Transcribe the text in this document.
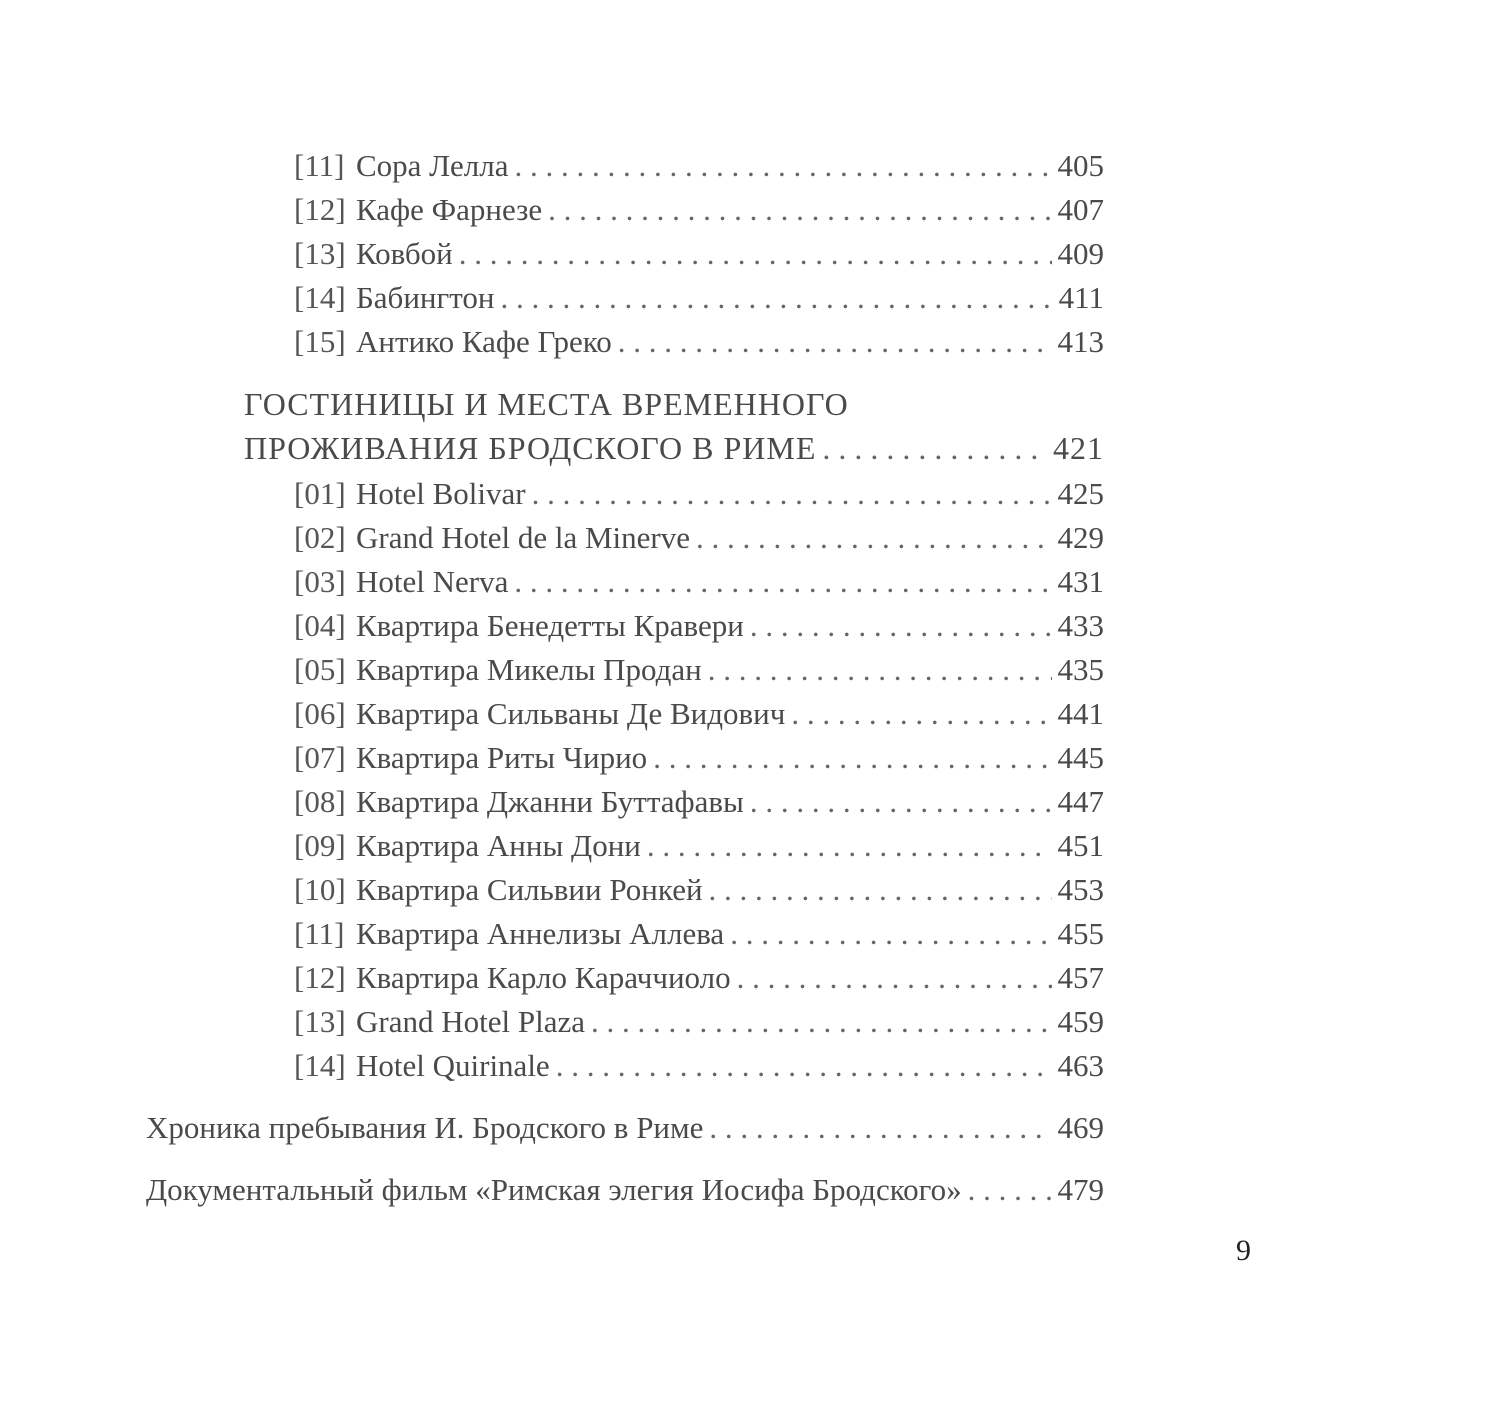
[11] Сора Лелла . . .	405
[12] Кафе Фарнезе . . .	407
[13] Ковбой . . .	409
[14] Бабингтон . . .	411
[15] Антико Кафе Греко . . .	413
ГОСТИНИЦЫ И МЕСТА ВРЕМЕННОГО
ПРОЖИВАНИЯ БРОДСКОГО В РИМЕ . . .	421
[01] Hotel Bolivar . . .	425
[02] Grand Hotel de la Minerve . . .	429
[03] Hotel Nerva . . .	431
[04] Квартира Бенедетты Кравери . . .	433
[05] Квартира Микелы Продан . . .	435
[06] Квартира Сильваны Де Видович . . .	441
[07] Квартира Риты Чирио . . .	445
[08] Квартира Джанни Буттафавы . . .	447
[09] Квартира Анны Дони . . .	451
[10] Квартира Сильвии Ронкей . . .	453
[11] Квартира Аннелизы Аллева . . .	455
[12] Квартира Карло Караччиоло . . .	457
[13] Grand Hotel Plaza . . .	459
[14] Hotel Quirinale . . .	463
Хроника пребывания И. Бродского в Риме . . .	469
Документальный фильм «Римская элегия Иосифа Бродского» . . .	479
9
